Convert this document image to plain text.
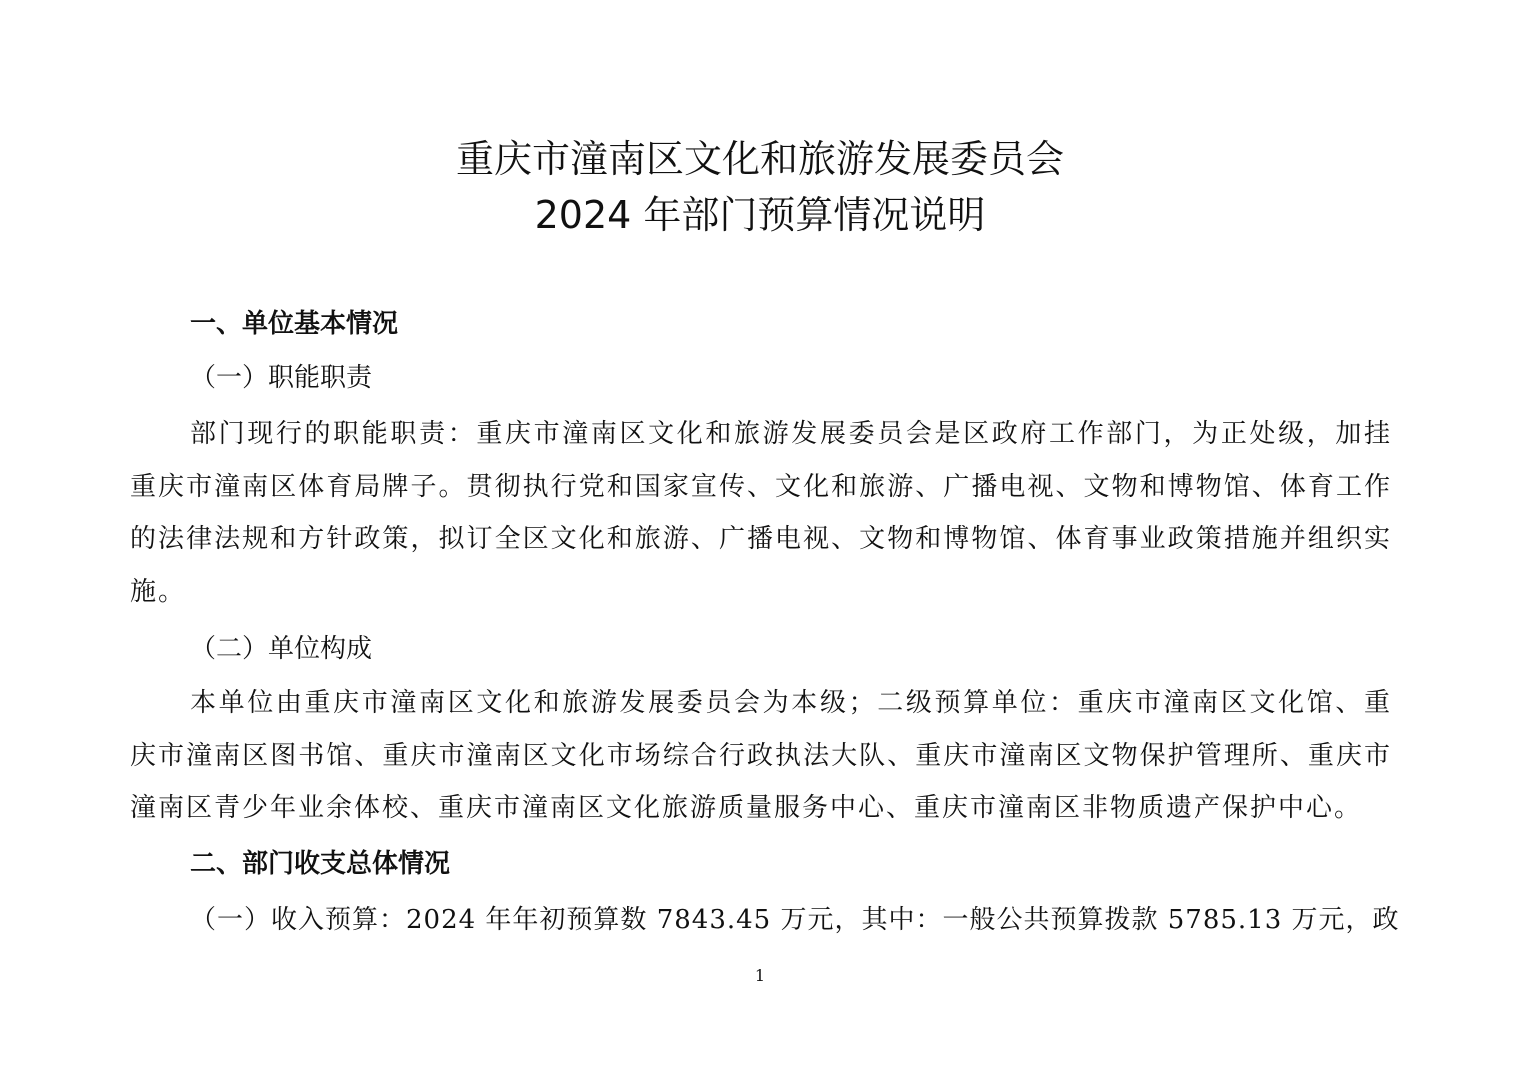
重庆市潼南区文化和旅游发展委员会
2024 年部门预算情况说明
一、单位基本情况
（一）职能职责
部门现行的职能职责：重庆市潼南区文化和旅游发展委员会是区政府工作部门，为正处级，加挂重庆市潼南区体育局牌子。贯彻执行党和国家宣传、文化和旅游、广播电视、文物和博物馆、体育工作的法律法规和方针政策，拟订全区文化和旅游、广播电视、文物和博物馆、体育事业政策措施并组织实施。
（二）单位构成
本单位由重庆市潼南区文化和旅游发展委员会为本级；二级预算单位：重庆市潼南区文化馆、重庆市潼南区图书馆、重庆市潼南区文化市场综合行政执法大队、重庆市潼南区文物保护管理所、重庆市潼南区青少年业余体校、重庆市潼南区文化旅游质量服务中心、重庆市潼南区非物质遗产保护中心。
二、部门收支总体情况
（一）收入预算：2024 年年初预算数 7843.45 万元，其中：一般公共预算拨款 5785.13 万元，政
1
